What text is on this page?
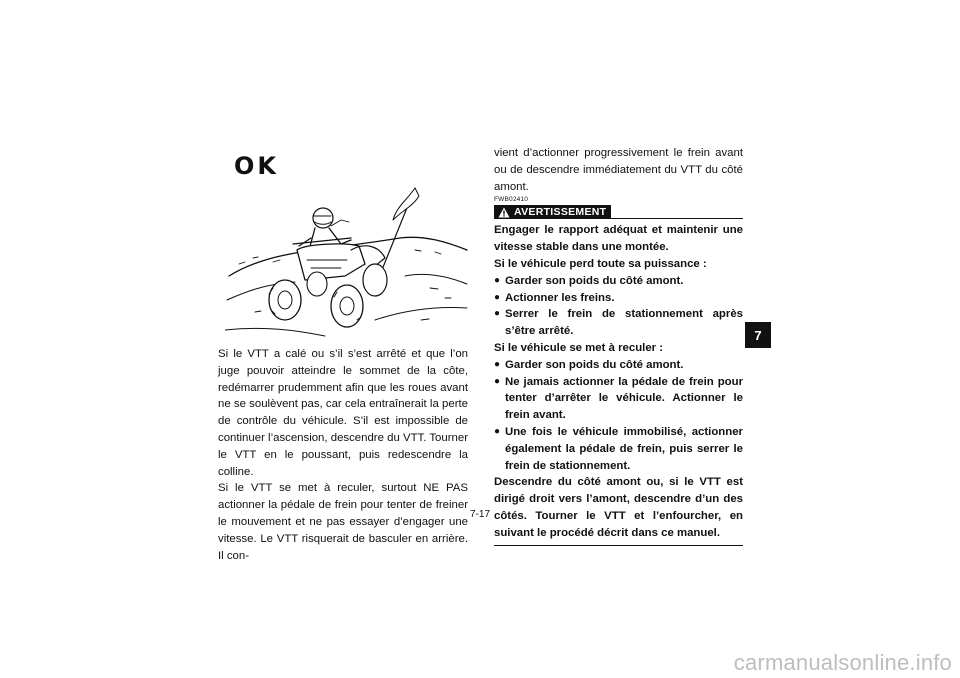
OK

Si le VTT a calé ou s’il s’est arrêté et que l’on juge pouvoir atteindre le sommet de la côte, redémarrer prudemment afin que les roues avant ne se soulèvent pas, car cela entraînerait la perte de contrôle du véhicule. S’il est impossible de continuer l’ascension, descendre du VTT. Tourner le VTT en le poussant, puis redescendre la colline.

Si le VTT se met à reculer, surtout NE PAS actionner la pédale de frein pour tenter de freiner le mouvement et ne pas essayer d’engager une vitesse. Le VTT risquerait de basculer en arrière. Il con-

vient d’actionner progressivement le frein avant ou de descendre immédiatement du VTT du côté amont.

FWB02410
AVERTISSEMENT

Engager le rapport adéquat et maintenir une vitesse stable dans une montée.

Si le véhicule perd toute sa puissance :

● Garder son poids du côté amont.
● Actionner les freins.
● Serrer le frein de stationnement après s’être arrêté.

Si le véhicule se met à reculer :

● Garder son poids du côté amont.
● Ne jamais actionner la pédale de frein pour tenter d’arrêter le véhicule. Actionner le frein avant.
● Une fois le véhicule immobilisé, actionner également la pédale de frein, puis serrer le frein de stationnement.

Descendre du côté amont ou, si le VTT est dirigé droit vers l’amont, descendre d’un des côtés. Tourner le VTT et l’enfourcher, en suivant le procédé décrit dans ce manuel.

7
7-17
carmanualsonline.info
